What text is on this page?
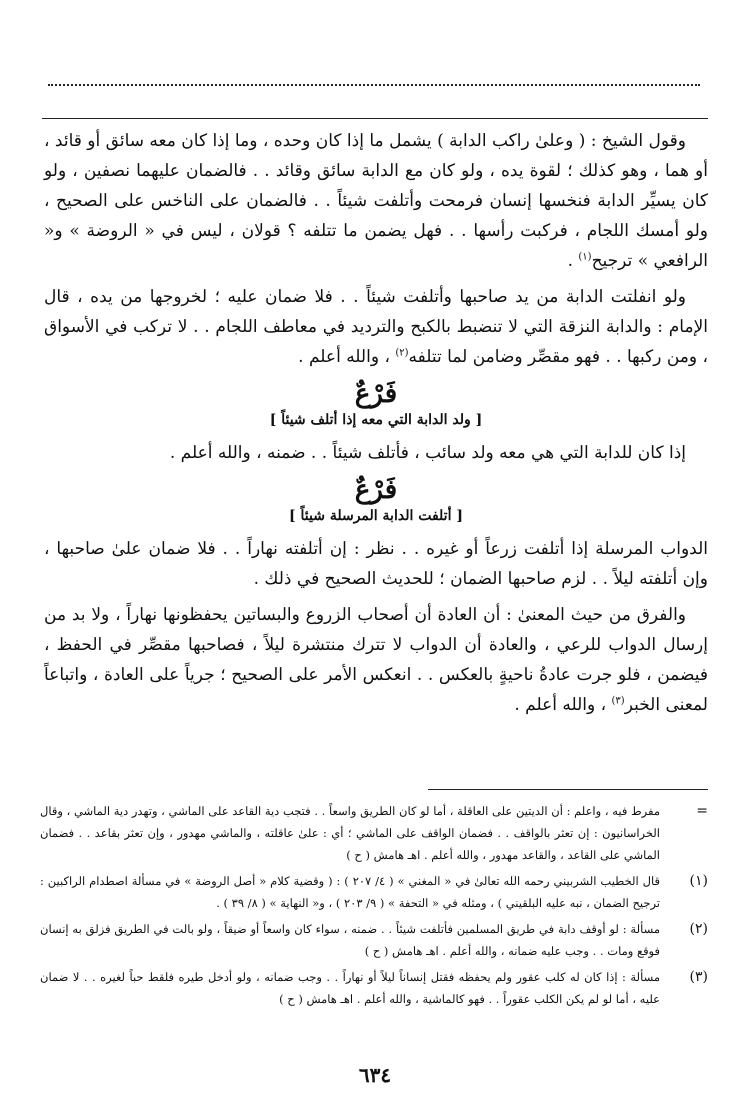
وقول الشيخ : ( وعلىٰ راكب الدابة ) يشمل ما إذا كان وحده ، وما إذا كان معه سائق أو قائد ، أو هما ، وهو كذلك ؛ لقوة يده ، ولو كان مع الدابة سائق وقائد . . فالضمان عليهما نصفين ، ولو كان يسيِّر الدابة فنخسها إنسان فرمحت وأتلفت شيئاً . . فالضمان على الناخس على الصحيح ، ولو أمسك اللجام ، فركبت رأسها . . فهل يضمن ما تتلفه ؟ قولان ، ليس في « الروضة » و« الرافعي » ترجيح$^{(١)}$ .

ولو انفلتت الدابة من يد صاحبها وأتلفت شيئاً . . فلا ضمان عليه ؛ لخروجها من يده ، قال الإمام : والدابة النزقة التي لا تنضبط بالكبح والترديد في معاطف اللجام . . لا تركب في الأسواق ، ومن ركبها . . فهو مقصِّر وضامن لما تتلفه$^{(٢)}$ ، والله أعلم .

فَرْعٌ
[ ولد الدابة التي معه إذا أتلف شيئاً ]

إذا كان للدابة التي هي معه ولد سائب ، فأتلف شيئاً . . ضمنه ، والله أعلم .

فَرْعٌ
[ أتلفت الدابة المرسلة شيئاً ]

الدواب المرسلة إذا أتلفت زرعاً أو غيره . . نظر : إن أتلفته نهاراً . . فلا ضمان علىٰ صاحبها ، وإن أتلفته ليلاً . . لزم صاحبها الضمان ؛ للحديث الصحيح في ذلك .

والفرق من حيث المعنىٰ : أن العادة أن أصحاب الزروع والبساتين يحفظونها نهاراً ، ولا بد من إرسال الدواب للرعي ، والعادة أن الدواب لا تترك منتشرة ليلاً ، فصاحبها مقصِّر في الحفظ ، فيضمن ، فلو جرت عادةُ ناحيةٍ بالعكس . . انعكس الأمر على الصحيح ؛ جرياً على العادة ، واتباعاً لمعنى الخبر$^{(٣)}$ ، والله أعلم .

=
مفرط فيه ، واعلم : أن الديتين على العاقلة ، أما لو كان الطريق واسعاً . . فتجب دية القاعد على الماشي ، وتهدر دية الماشي ، وقال الخراسانيون : إن تعثر بالواقف . . فضمان الواقف على الماشي ؛ أي : علىٰ عاقلته ، والماشي مهدور ، وإن تعثر بقاعد . . فضمان الماشي على القاعد ، والقاعد مهدور ، والله أعلم . اهـ هامش ( ح )
(١)
قال الخطيب الشربيني رحمه الله تعالىٰ في « المغني » ( ٤/ ٢٠٧ ) : ( وقضية كلام « أصل الروضة » في مسألة اصطدام الراكبين : ترجيح الضمان ، نبه عليه البلقيني ) ، ومثله في « التحفة » ( ٩/ ٢٠٣ ) ، و« النهاية » ( ٨/ ٣٩ ) .
(٢)
مسألة : لو أوقف دابة في طريق المسلمين فأتلفت شيئاً . . ضمنه ، سواء كان واسعاً أو ضيقاً ، ولو بالت في الطريق فزلق به إنسان فوقع ومات . . وجب عليه ضمانه ، والله أعلم . اهـ هامش ( ح )
(٣)
مسألة : إذا كان له كلب عقور ولم يحفظه فقتل إنساناً ليلاً أو نهاراً . . وجب ضمانه ، ولو أدخل طيره فلقط حباً لغيره . . لا ضمان عليه ، أما لو لم يكن الكلب عقوراً . . فهو كالماشية ، والله أعلم . اهـ هامش ( ح )
٦٣٤
